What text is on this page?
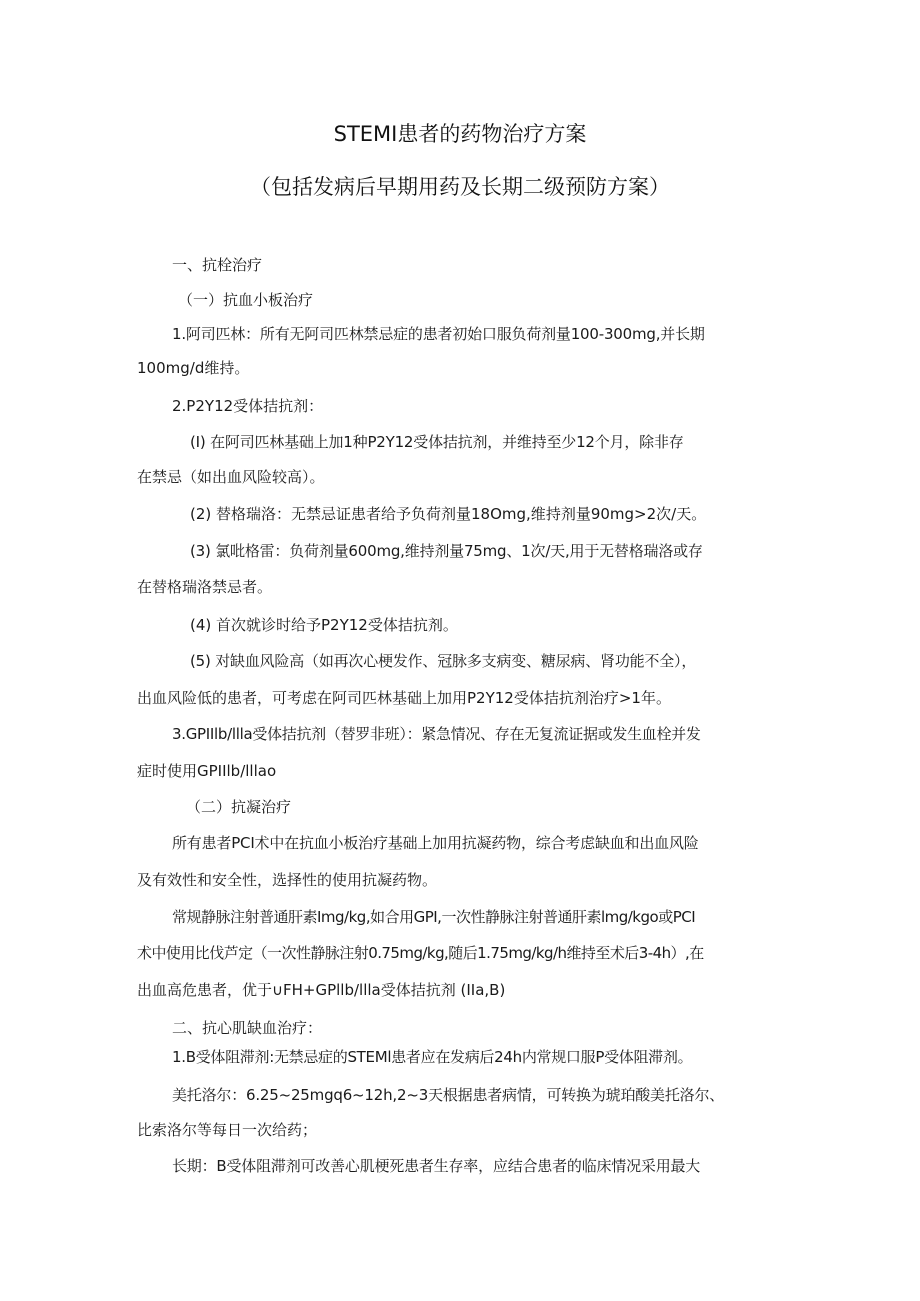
STEMI患者的药物治疗方案
（包括发病后早期用药及长期二级预防方案）
一、抗栓治疗
（一）抗血小板治疗
1.阿司匹林：所有无阿司匹林禁忌症的患者初始口服负荷剂量100-300mg,并长期
100mg/d维持。
2.P2Y12受体拮抗剂：
(I) 在阿司匹林基础上加1种P2Y12受体拮抗剂，并维持至少12个月，除非存
在禁忌（如出血风险较高）。
(2) 替格瑞洛：无禁忌证患者给予负荷剂量18Omg,维持剂量90mg>2次/天。
(3) 氯吡格雷：负荷剂量600mg,维持剂量75mg、1次/天,用于无替格瑞洛或存
在替格瑞洛禁忌者。
(4) 首次就诊时给予P2Y12受体拮抗剂。
(5) 对缺血风险高（如再次心梗发作、冠脉多支病变、糖尿病、肾功能不全），
出血风险低的患者，可考虑在阿司匹林基础上加用P2Y12受体拮抗剂治疗>1年。
3.GPIIlb/llla受体拮抗剂（替罗非班）：紧急情况、存在无复流证据或发生血栓并发
症时使用GPIIlb/lllao
（二）抗凝治疗
所有患者PCI术中在抗血小板治疗基础上加用抗凝药物，综合考虑缺血和出血风险
及有效性和安全性，选择性的使用抗凝药物。
常规静脉注射普通肝素Img∕kg,如合用GPI,一次性静脉注射普通肝素lmg/kgo或PCI
术中使用比伐芦定（一次性静脉注射0.75mg∕kg,随后1.75mg/kg/h维持至术后3-4h）,在
出血高危患者，优于∪FH+GPllb/llla受体拮抗剂 (IIa,B)
二、抗心肌缺血治疗：
1.B受体阻滞剂:无禁忌症的STEMl患者应在发病后24h内常规口服P受体阻滞剂。
美托洛尔：6.25~25mgq6~12h,2~3天根据患者病情，可转换为琥珀酸美托洛尔、
比索洛尔等每日一次给药；
长期：B受体阻滞剂可改善心肌梗死患者生存率，应结合患者的临床情况采用最大
